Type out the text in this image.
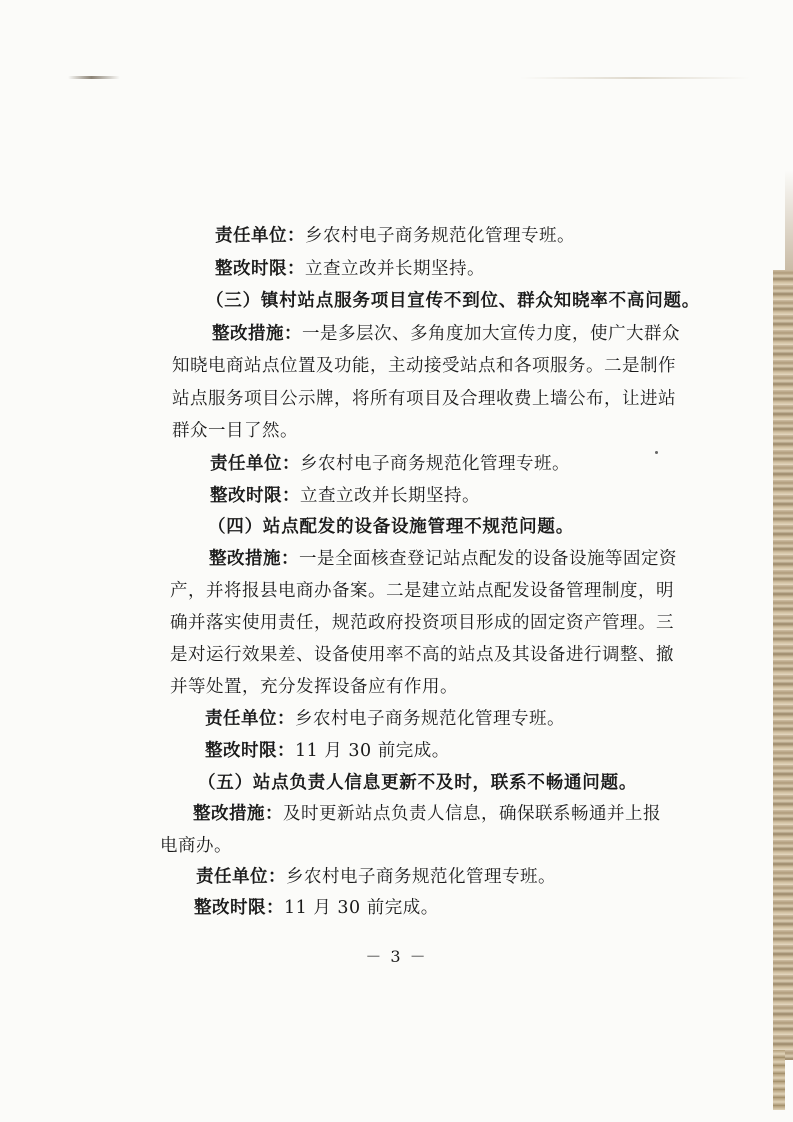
责任单位：乡农村电子商务规范化管理专班。
整改时限：立查立改并长期坚持。
（三）镇村站点服务项目宣传不到位、群众知晓率不高问题。
整改措施：一是多层次、多角度加大宣传力度，使广大群众
知晓电商站点位置及功能，主动接受站点和各项服务。二是制作
站点服务项目公示牌，将所有项目及合理收费上墙公布，让进站
群众一目了然。
责任单位：乡农村电子商务规范化管理专班。
整改时限：立查立改并长期坚持。
（四）站点配发的设备设施管理不规范问题。
整改措施：一是全面核查登记站点配发的设备设施等固定资
产，并将报县电商办备案。二是建立站点配发设备管理制度，明
确并落实使用责任，规范政府投资项目形成的固定资产管理。三
是对运行效果差、设备使用率不高的站点及其设备进行调整、撤
并等处置，充分发挥设备应有作用。
责任单位：乡农村电子商务规范化管理专班。
整改时限：11 月 30 前完成。
（五）站点负责人信息更新不及时，联系不畅通问题。
整改措施：及时更新站点负责人信息，确保联系畅通并上报
电商办。
责任单位：乡农村电子商务规范化管理专班。
整改时限：11 月 30 前完成。
－ 3 －
